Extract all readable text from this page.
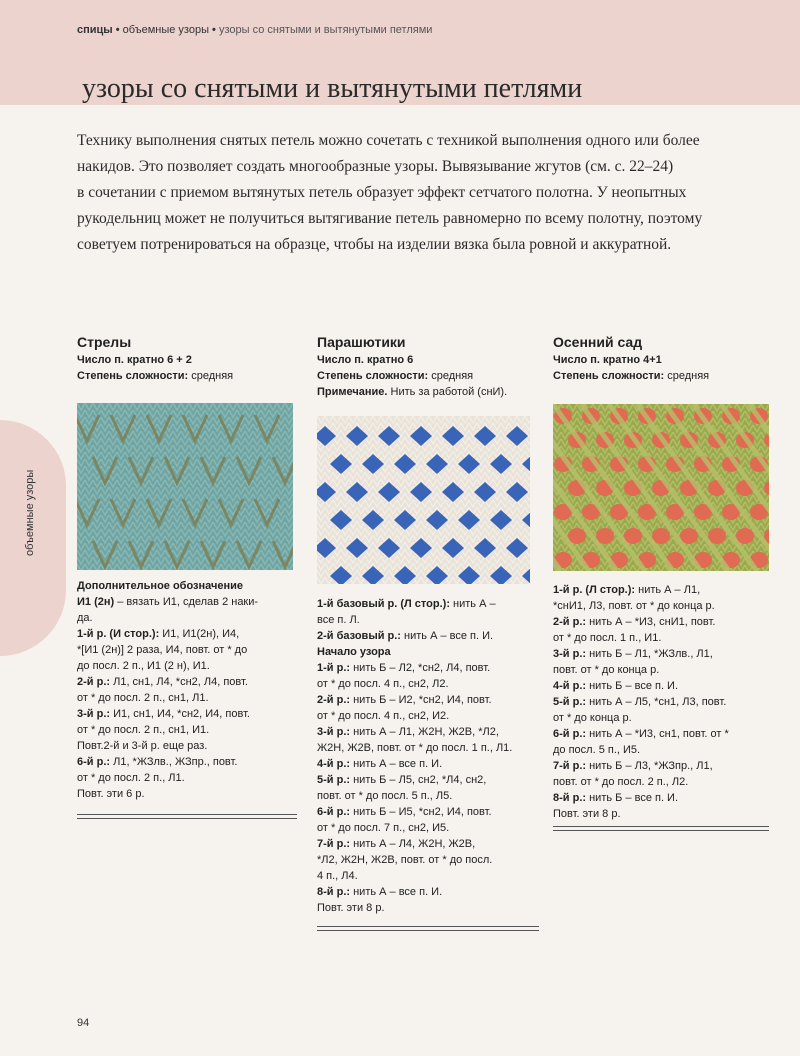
спицы • объемные узоры • узоры со снятыми и вытянутыми петлями
узоры со снятыми и вытянутыми петлями
Технику выполнения снятых петель можно сочетать с техникой выполнения одного или более
накидов. Это позволяет создать многообразные узоры. Вывязывание жгутов (см. с. 22–24)
в сочетании с приемом вытянутых петель образует эффект сетчатого полотна. У неопытных
рукодельниц может не получиться вытягивание петель равномерно по всему полотну, поэтому
советуем потренироваться на образце, чтобы на изделии вязка была ровной и аккуратной.
объемные узоры
Стрелы
Число п. кратно 6 + 2
Степень сложности: средняя
Дополнительное обозначение
И1 (2н) – вязать И1, сделав 2 наки-
да.
1-й р. (И стор.): И1, И1(2н), И4,
*[И1 (2н)] 2 раза, И4, повт. от * до
до посл. 2 п., И1 (2 н), И1.
2-й р.: Л1, сн1, Л4, *сн2, Л4, повт.
от * до посл. 2 п., сн1, Л1.
3-й р.: И1, сн1, И4, *сн2, И4, повт.
от * до посл. 2 п., сн1, И1.
Повт.2-й и 3-й р. еще раз.
6-й р.: Л1, *ЖЗлв., ЖЗпр., повт.
от * до посл. 2 п., Л1.
Повт. эти 6 р.
Парашютики
Число п. кратно 6
Степень сложности: средняя
Примечание. Нить за работой (снИ).
1-й базовый р. (Л стор.): нить А –
все п. Л.
2-й базовый р.: нить А – все п. И.
Начало узора
1-й р.: нить Б – Л2, *сн2, Л4, повт.
от * до посл. 4 п., сн2, Л2.
2-й р.: нить Б – И2, *сн2, И4, повт.
от * до посл. 4 п., сн2, И2.
3-й р.: нить А – Л1, Ж2Н, Ж2В, *Л2,
Ж2Н, Ж2В, повт. от * до посл. 1 п., Л1.
4-й р.: нить А – все п. И.
5-й р.: нить Б – Л5, сн2, *Л4, сн2,
повт. от * до посл. 5 п., Л5.
6-й р.: нить Б – И5, *сн2, И4, повт.
от * до посл. 7 п., сн2, И5.
7-й р.: нить А – Л4, Ж2Н, Ж2В,
*Л2, Ж2Н, Ж2В, повт. от * до посл.
4 п., Л4.
8-й р.: нить А – все п. И.
Повт. эти 8 р.
Осенний сад
Число п. кратно 4+1
Степень сложности: средняя
1-й р. (Л стор.): нить А – Л1,
*снИ1, Л3, повт. от * до конца р.
2-й р.: нить А – *И3, снИ1, повт.
от * до посл. 1 п., И1.
3-й р.: нить Б – Л1, *ЖЗлв., Л1,
повт. от * до конца р.
4-й р.: нить Б – все п. И.
5-й р.: нить А – Л5, *сн1, Л3, повт.
от * до конца р.
6-й р.: нить А – *И3, сн1, повт. от *
до посл. 5 п., И5.
7-й р.: нить Б – Л3, *ЖЗпр., Л1,
повт. от * до посл. 2 п., Л2.
8-й р.: нить Б – все п. И.
Повт. эти 8 р.
94
